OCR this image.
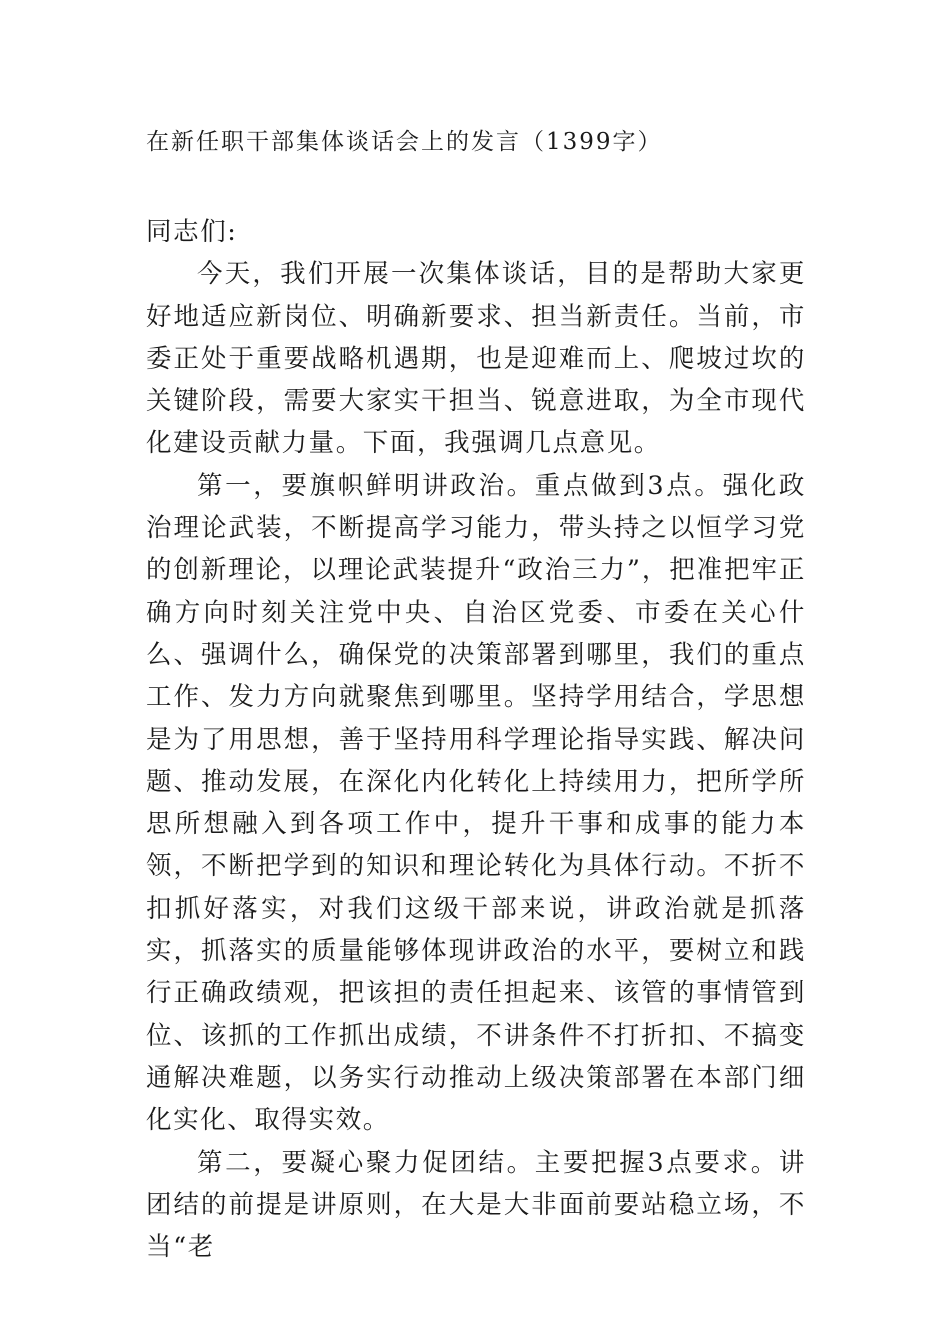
在新任职干部集体谈话会上的发言（1399字）

同志们:

今天，我们开展一次集体谈话，目的是帮助大家更好地适应新岗位、明确新要求、担当新责任。当前，市委正处于重要战略机遇期，也是迎难而上、爬坡过坎的关键阶段，需要大家实干担当、锐意进取，为全市现代化建设贡献力量。下面，我强调几点意见。

第一，要旗帜鲜明讲政治。重点做到3点。强化政治理论武装，不断提高学习能力，带头持之以恒学习党的创新理论，以理论武装提升“政治三力”，把准把牢正确方向时刻关注党中央、自治区党委、市委在关心什么、强调什么，确保党的决策部署到哪里，我们的重点工作、发力方向就聚焦到哪里。坚持学用结合，学思想是为了用思想，善于坚持用科学理论指导实践、解决问题、推动发展，在深化内化转化上持续用力，把所学所思所想融入到各项工作中，提升干事和成事的能力本领，不断把学到的知识和理论转化为具体行动。不折不扣抓好落实，对我们这级干部来说，讲政治就是抓落实，抓落实的质量能够体现讲政治的水平，要树立和践行正确政绩观，把该担的责任担起来、该管的事情管到位、该抓的工作抓出成绩，不讲条件不打折扣、不搞变通解决难题，以务实行动推动上级决策部署在本部门细化实化、取得实效。

第二，要凝心聚力促团结。主要把握3点要求。讲团结的前提是讲原则，在大是大非面前要站稳立场，不当“老
